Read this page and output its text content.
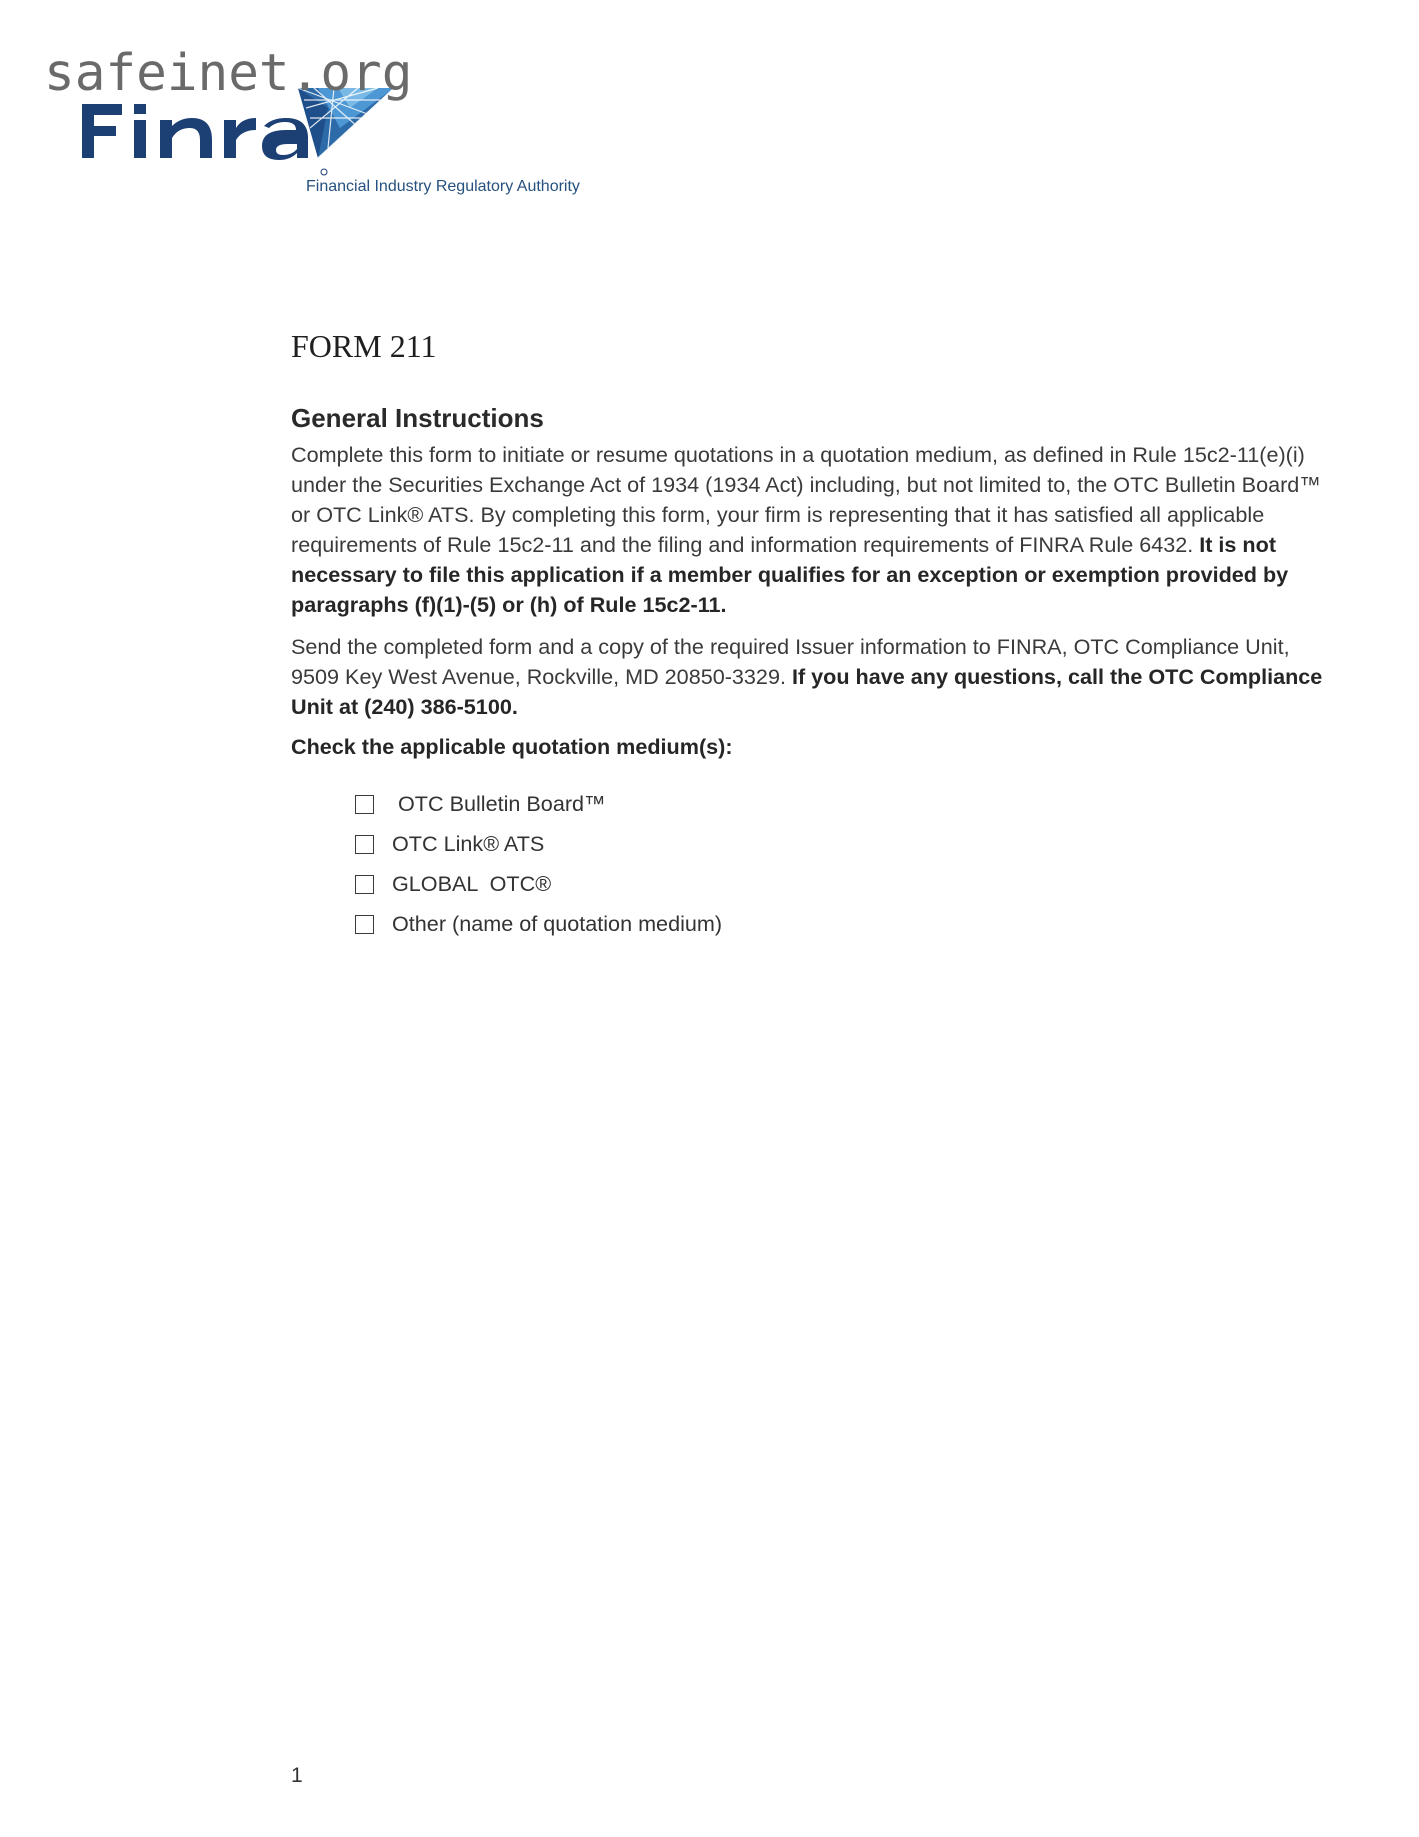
safeinet.org
Financial Industry Regulatory Authority
FORM 211
General Instructions

Complete this form to initiate or resume quotations in a quotation medium, as defined in Rule 15c2-11(e)(i) under the Securities Exchange Act of 1934 (1934 Act) including, but not limited to, the OTC Bulletin Board™ or OTC Link® ATS. By completing this form, your firm is representing that it has satisfied all applicable requirements of Rule 15c2-11 and the filing and information requirements of FINRA Rule 6432. It is not necessary to file this application if a member qualifies for an exception or exemption provided by paragraphs (f)(1)-(5) or (h) of Rule 15c2-11.

Send the completed form and a copy of the required Issuer information to FINRA, OTC Compliance Unit, 9509 Key West Avenue, Rockville, MD 20850-3329. If you have any questions, call the OTC Compliance Unit at (240) 386-5100.

Check the applicable quotation medium(s):
OTC Bulletin Board™
OTC Link® ATS
GLOBAL  OTC®
Other (name of quotation medium)
1
